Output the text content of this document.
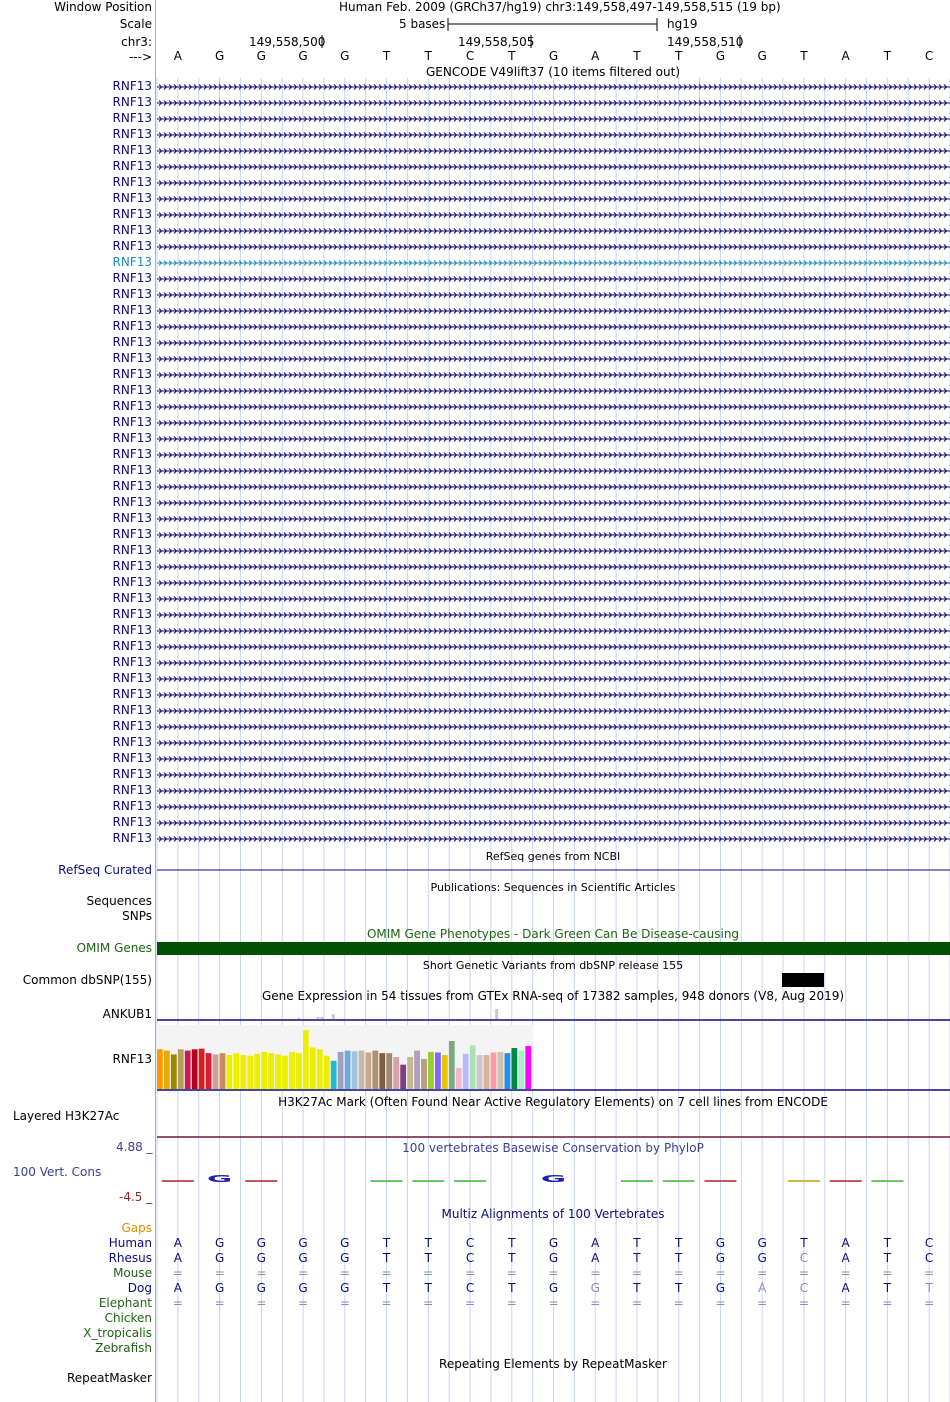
G	G
Window Position	Human Feb. 2009 (GRCh37/hg19) chr3:149,558,497-149,558,515 (19 bp)
Scale	5 bases	hg19
chr3:	149,558,500	149,558,505	149,558,510
--->
GENCODE V49lift37 (10 items filtered out)
RefSeq genes from NCBI
RefSeq Curated
Publications: Sequences in Scientific Articles
Sequences
SNPs
OMIM Gene Phenotypes - Dark Green Can Be Disease-causing
OMIM Genes
Short Genetic Variants from dbSNP release 155
Common dbSNP(155)
Gene Expression in 54 tissues from GTEx RNA-seq of 17382 samples, 948 donors (V8, Aug 2019)
ANKUB1
RNF13
H3K27Ac Mark (Often Found Near Active Regulatory Elements) on 7 cell lines from ENCODE
Layered H3K27Ac
100 vertebrates Basewise Conservation by PhyloP
100 Vert. Cons
4.88 _
-4.5 _
Multiz Alignments of 100 Vertebrates
Gaps
Repeating Elements by RepeatMasker
RepeatMasker
A	G	G	G	G	T	T	C	T	G	A	T	T	G	G	T	A	T	C
RNF13
RNF13
RNF13
RNF13
RNF13
RNF13
RNF13
RNF13
RNF13
RNF13
RNF13
RNF13
RNF13
RNF13
RNF13
RNF13
RNF13
RNF13
RNF13
RNF13
RNF13
RNF13
RNF13
RNF13
RNF13
RNF13
RNF13
RNF13
RNF13
RNF13
RNF13
RNF13
RNF13
RNF13
RNF13
RNF13
RNF13
RNF13
RNF13
RNF13
RNF13
RNF13
RNF13
RNF13
RNF13
RNF13
RNF13
RNF13
Human A	G	G	G	G	T	T	C	T	G	A	T	T	G	G	T	A	T	C
Rhesus A	G	G	G	G	T	T	C	T	G	A	T	T	G	G	C	A	T	C
Mouse =	=	=	=	=	=	=	=	=	=	=	=	=	=	=	=	=	=	=
Dog A	G	G	G	G	T	T	C	T	G	G	T	T	G	A	C	A	T	T
Elephant =	=	=	=	=	=	=	=	=	=	=	=	=	=	=	=	=	=	=
Chicken
X_tropicalis
Zebrafish
